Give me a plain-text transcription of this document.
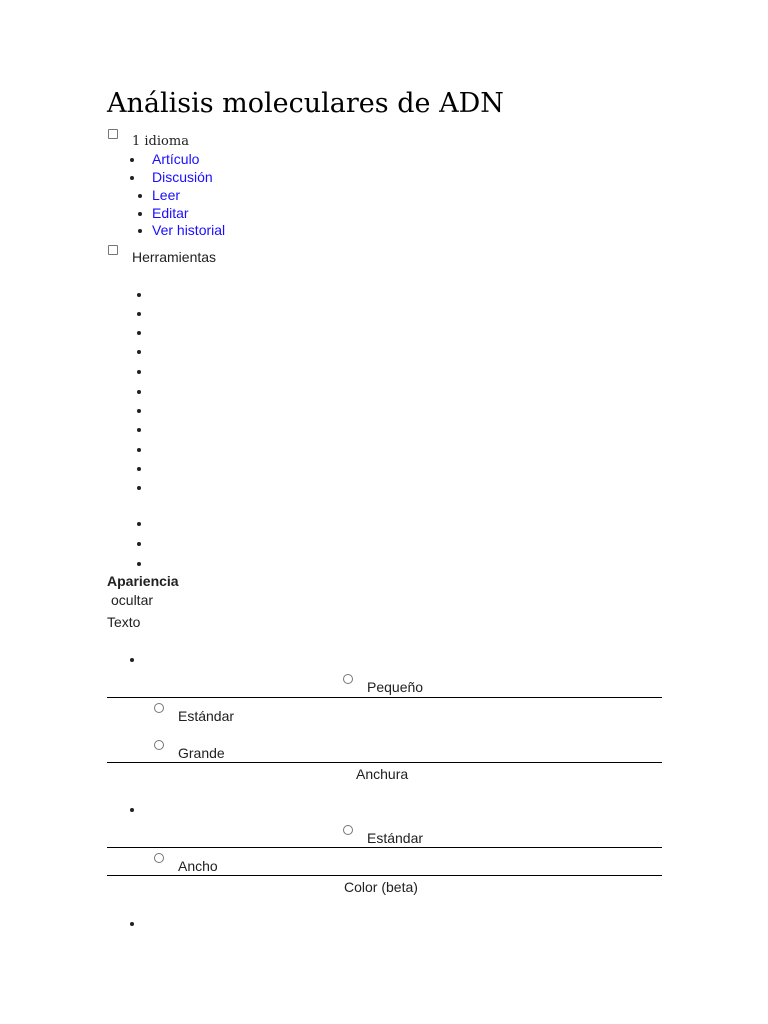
Análisis moleculares de ADN
1 idioma
Artículo
Discusión
Leer
Editar
Ver historial
Herramientas
Apariencia
ocultar
Texto
Pequeño
Estándar
Grande
Anchura
Estándar
Ancho
Color (beta)
